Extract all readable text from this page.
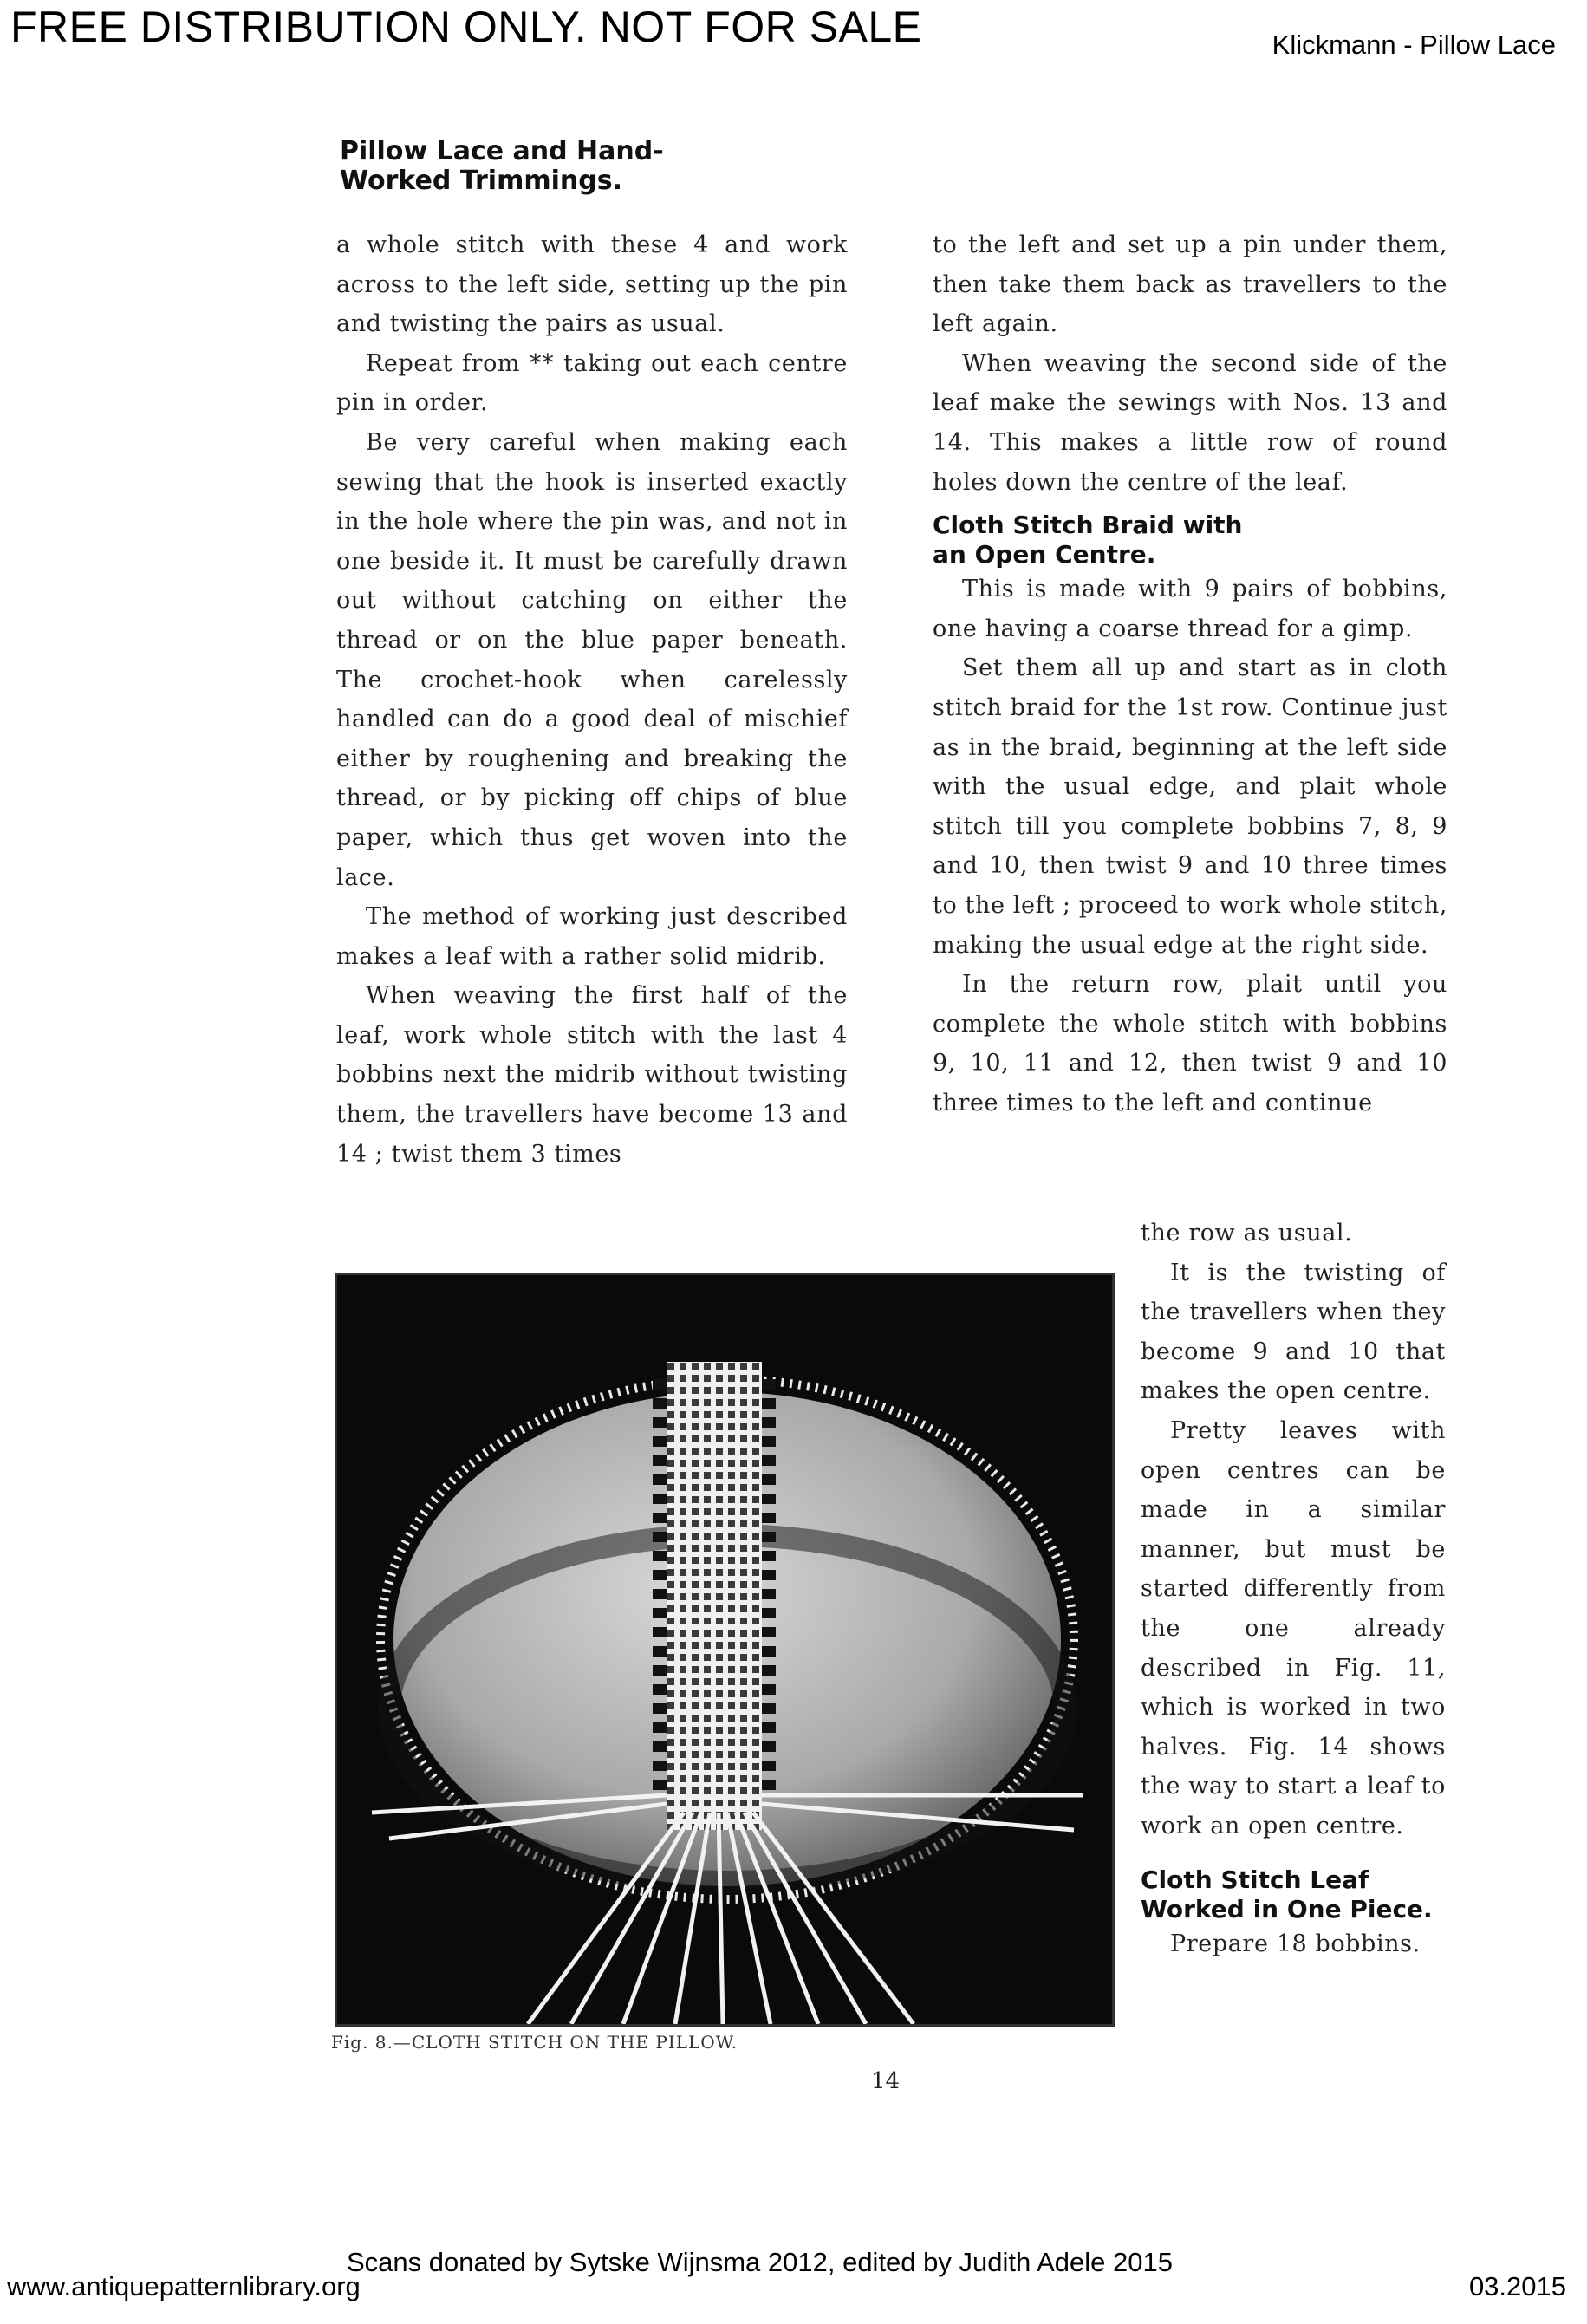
FREE DISTRIBUTION ONLY. NOT FOR SALE	Klickmann - Pillow Lace
Pillow Lace and Hand-
Worked Trimmings.

a whole stitch with these 4 and work across to the left side, setting up the pin and twisting the pairs as usual.

Repeat from ** taking out each centre pin in order.

Be very careful when making each sewing that the hook is inserted exactly in the hole where the pin was, and not in one beside it. It must be carefully drawn out without catching on either the thread or on the blue paper beneath. The crochet-hook when carelessly handled can do a good deal of mischief either by roughening and breaking the thread, or by picking off chips of blue paper, which thus get woven into the lace.

The method of working just described makes a leaf with a rather solid midrib.

When weaving the first half of the leaf, work whole stitch with the last 4 bobbins next the midrib without twisting them, the travellers have become 13 and 14 ; twist them 3 times

to the left and set up a pin under them, then take them back as travellers to the left again.

When weaving the second side of the leaf make the sewings with Nos. 13 and 14. This makes a little row of round holes down the centre of the leaf.

Cloth Stitch Braid with
an Open Centre.

This is made with 9 pairs of bobbins, one having a coarse thread for a gimp.

Set them all up and start as in cloth stitch braid for the 1st row. Continue just as in the braid, beginning at the left side with the usual edge, and plait whole stitch till you complete bobbins 7, 8, 9 and 10, then twist 9 and 10 three times to the left ; proceed to work whole stitch, making the usual edge at the right side.

In the return row, plait until you complete the whole stitch with bobbins 9, 10, 11 and 12, then twist 9 and 10 three times to the left and continue

the row as usual.

It is the twisting of the travellers when they become 9 and 10 that makes the open centre.

Pretty leaves with open centres can be made in a similar manner, but must be started differently from the one already described in Fig. 11, which is worked in two halves. Fig. 14 shows the way to start a leaf to work an open centre.

Cloth Stitch Leaf
Worked in One Piece.

Prepare 18 bobbins.

Fig. 8.—CLOTH STITCH ON THE PILLOW.
14
Scans donated by Sytske Wijnsma 2012, edited by Judith Adele 2015
www.antiquepatternlibrary.org	03.2015
